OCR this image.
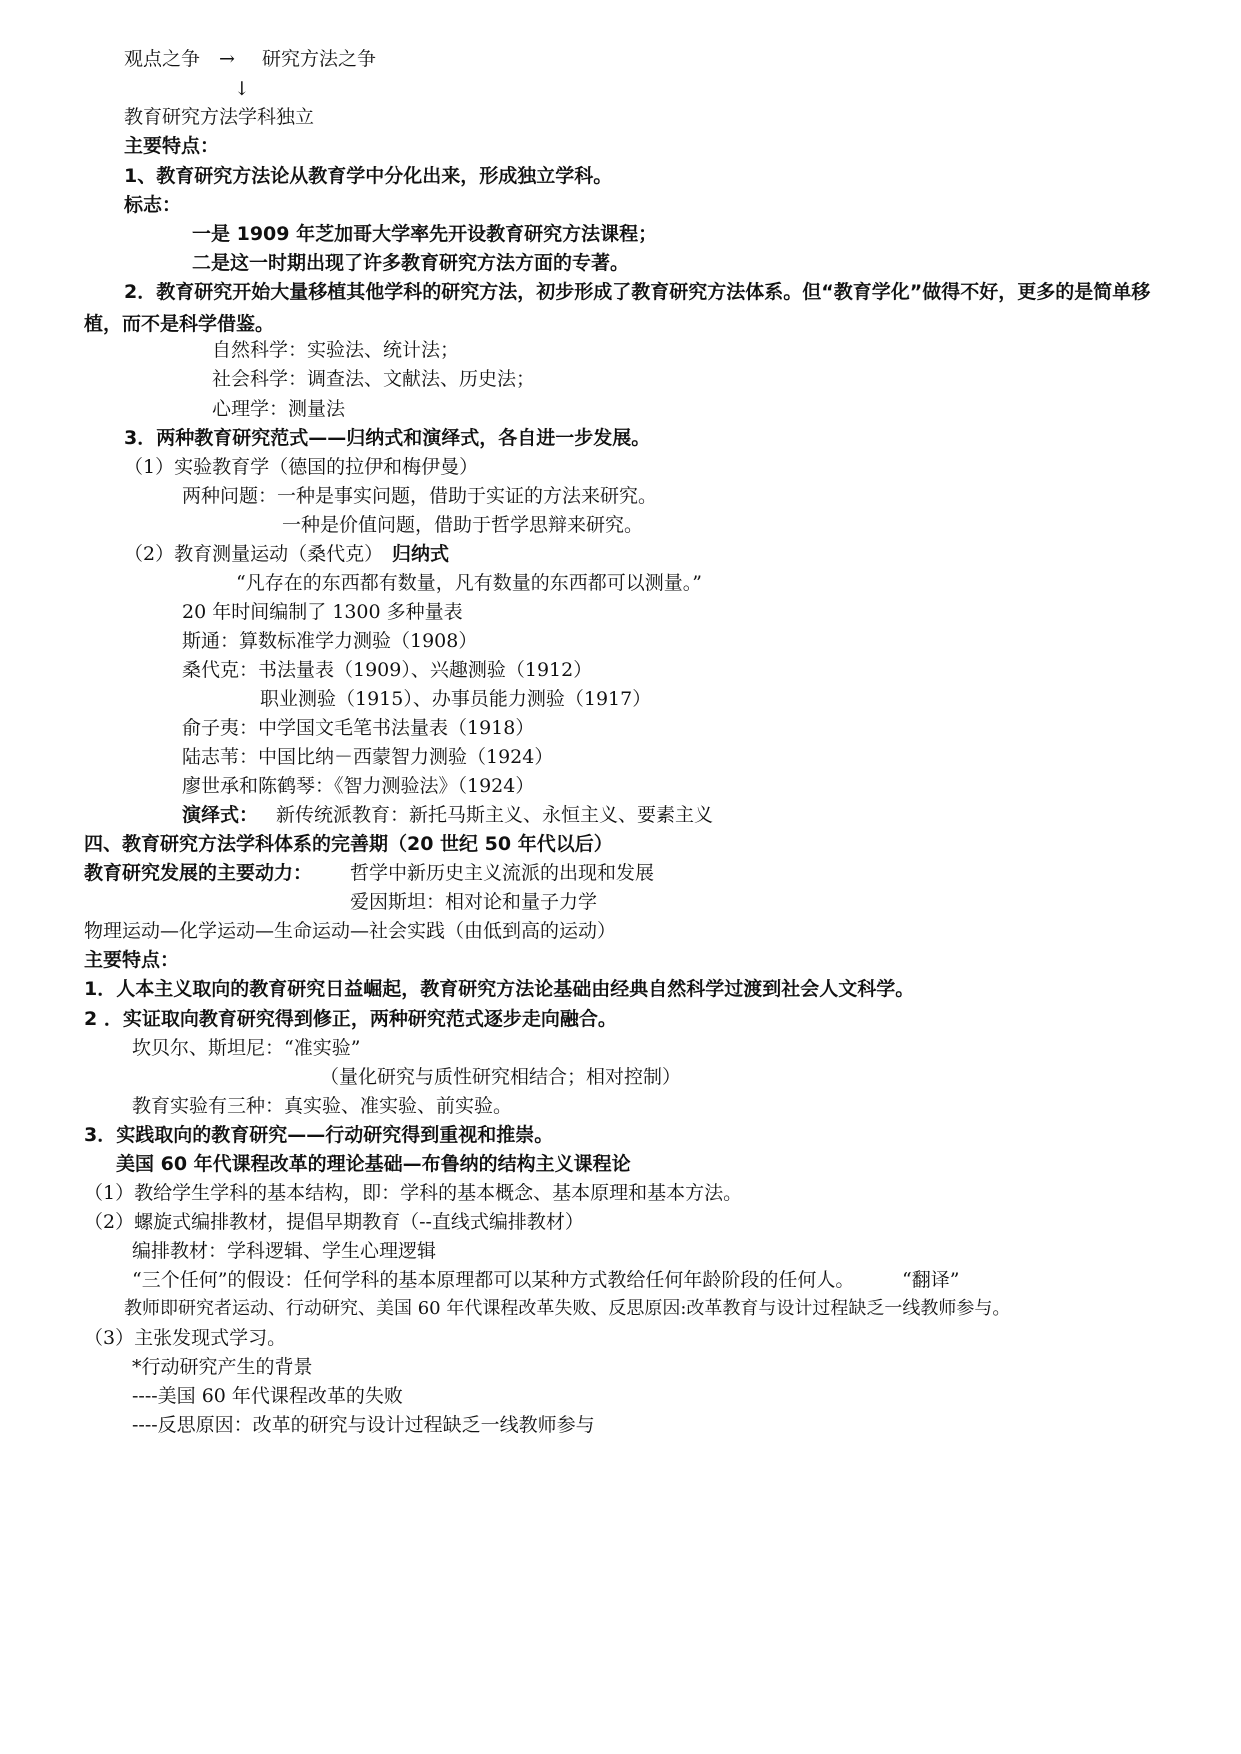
观点之争 → 研究方法之争
↓
教育研究方法学科独立
主要特点：
1、教育研究方法论从教育学中分化出来，形成独立学科。
标志：
一是 1909 年芝加哥大学率先开设教育研究方法课程；
二是这一时期出现了许多教育研究方法方面的专著。
2．教育研究开始大量移植其他学科的研究方法，初步形成了教育研究方法体系。但“教育学化”做得不好，更多的是简单移植，而不是科学借鉴。
自然科学：实验法、统计法；
社会科学：调查法、文献法、历史法；
心理学：测量法
3．两种教育研究范式——归纳式和演绎式，各自进一步发展。
（1）实验教育学（德国的拉伊和梅伊曼）
两种问题：一种是事实问题，借助于实证的方法来研究。
一种是价值问题，借助于哲学思辩来研究。
（2）教育测量运动（桑代克） 归纳式
“凡存在的东西都有数量，凡有数量的东西都可以测量。”
20 年时间编制了 1300 多种量表
斯通：算数标准学力测验（1908）
桑代克：书法量表（1909）、兴趣测验（1912）
职业测验（1915）、办事员能力测验（1917）
俞子夷：中学国文毛笔书法量表（1918）
陆志苇：中国比纳－西蒙智力测验（1924）
廖世承和陈鹤琴：《智力测验法》（1924）
演绎式： 新传统派教育：新托马斯主义、永恒主义、要素主义
四、教育研究方法学科体系的完善期（20 世纪 50 年代以后）
教育研究发展的主要动力： 哲学中新历史主义流派的出现和发展
爱因斯坦：相对论和量子力学
物理运动—化学运动—生命运动—社会实践（由低到高的运动）
主要特点：
1．人本主义取向的教育研究日益崛起，教育研究方法论基础由经典自然科学过渡到社会人文科学。
2 ．实证取向教育研究得到修正，两种研究范式逐步走向融合。
坎贝尔、斯坦尼：“准实验”
（量化研究与质性研究相结合；相对控制）
教育实验有三种：真实验、准实验、前实验。
3．实践取向的教育研究——行动研究得到重视和推崇。
美国 60 年代课程改革的理论基础—布鲁纳的结构主义课程论
（1）教给学生学科的基本结构，即：学科的基本概念、基本原理和基本方法。
（2）螺旋式编排教材，提倡早期教育（--直线式编排教材）
编排教材：学科逻辑、学生心理逻辑
“三个任何”的假设：任何学科的基本原理都可以某种方式教给任何年龄阶段的任何人。	“翻译”
教师即研究者运动、行动研究、美国 60 年代课程改革失败、反思原因:改革教育与设计过程缺乏一线教师参与。
（3）主张发现式学习。
*行动研究产生的背景
----美国 60 年代课程改革的失败
----反思原因：改革的研究与设计过程缺乏一线教师参与
